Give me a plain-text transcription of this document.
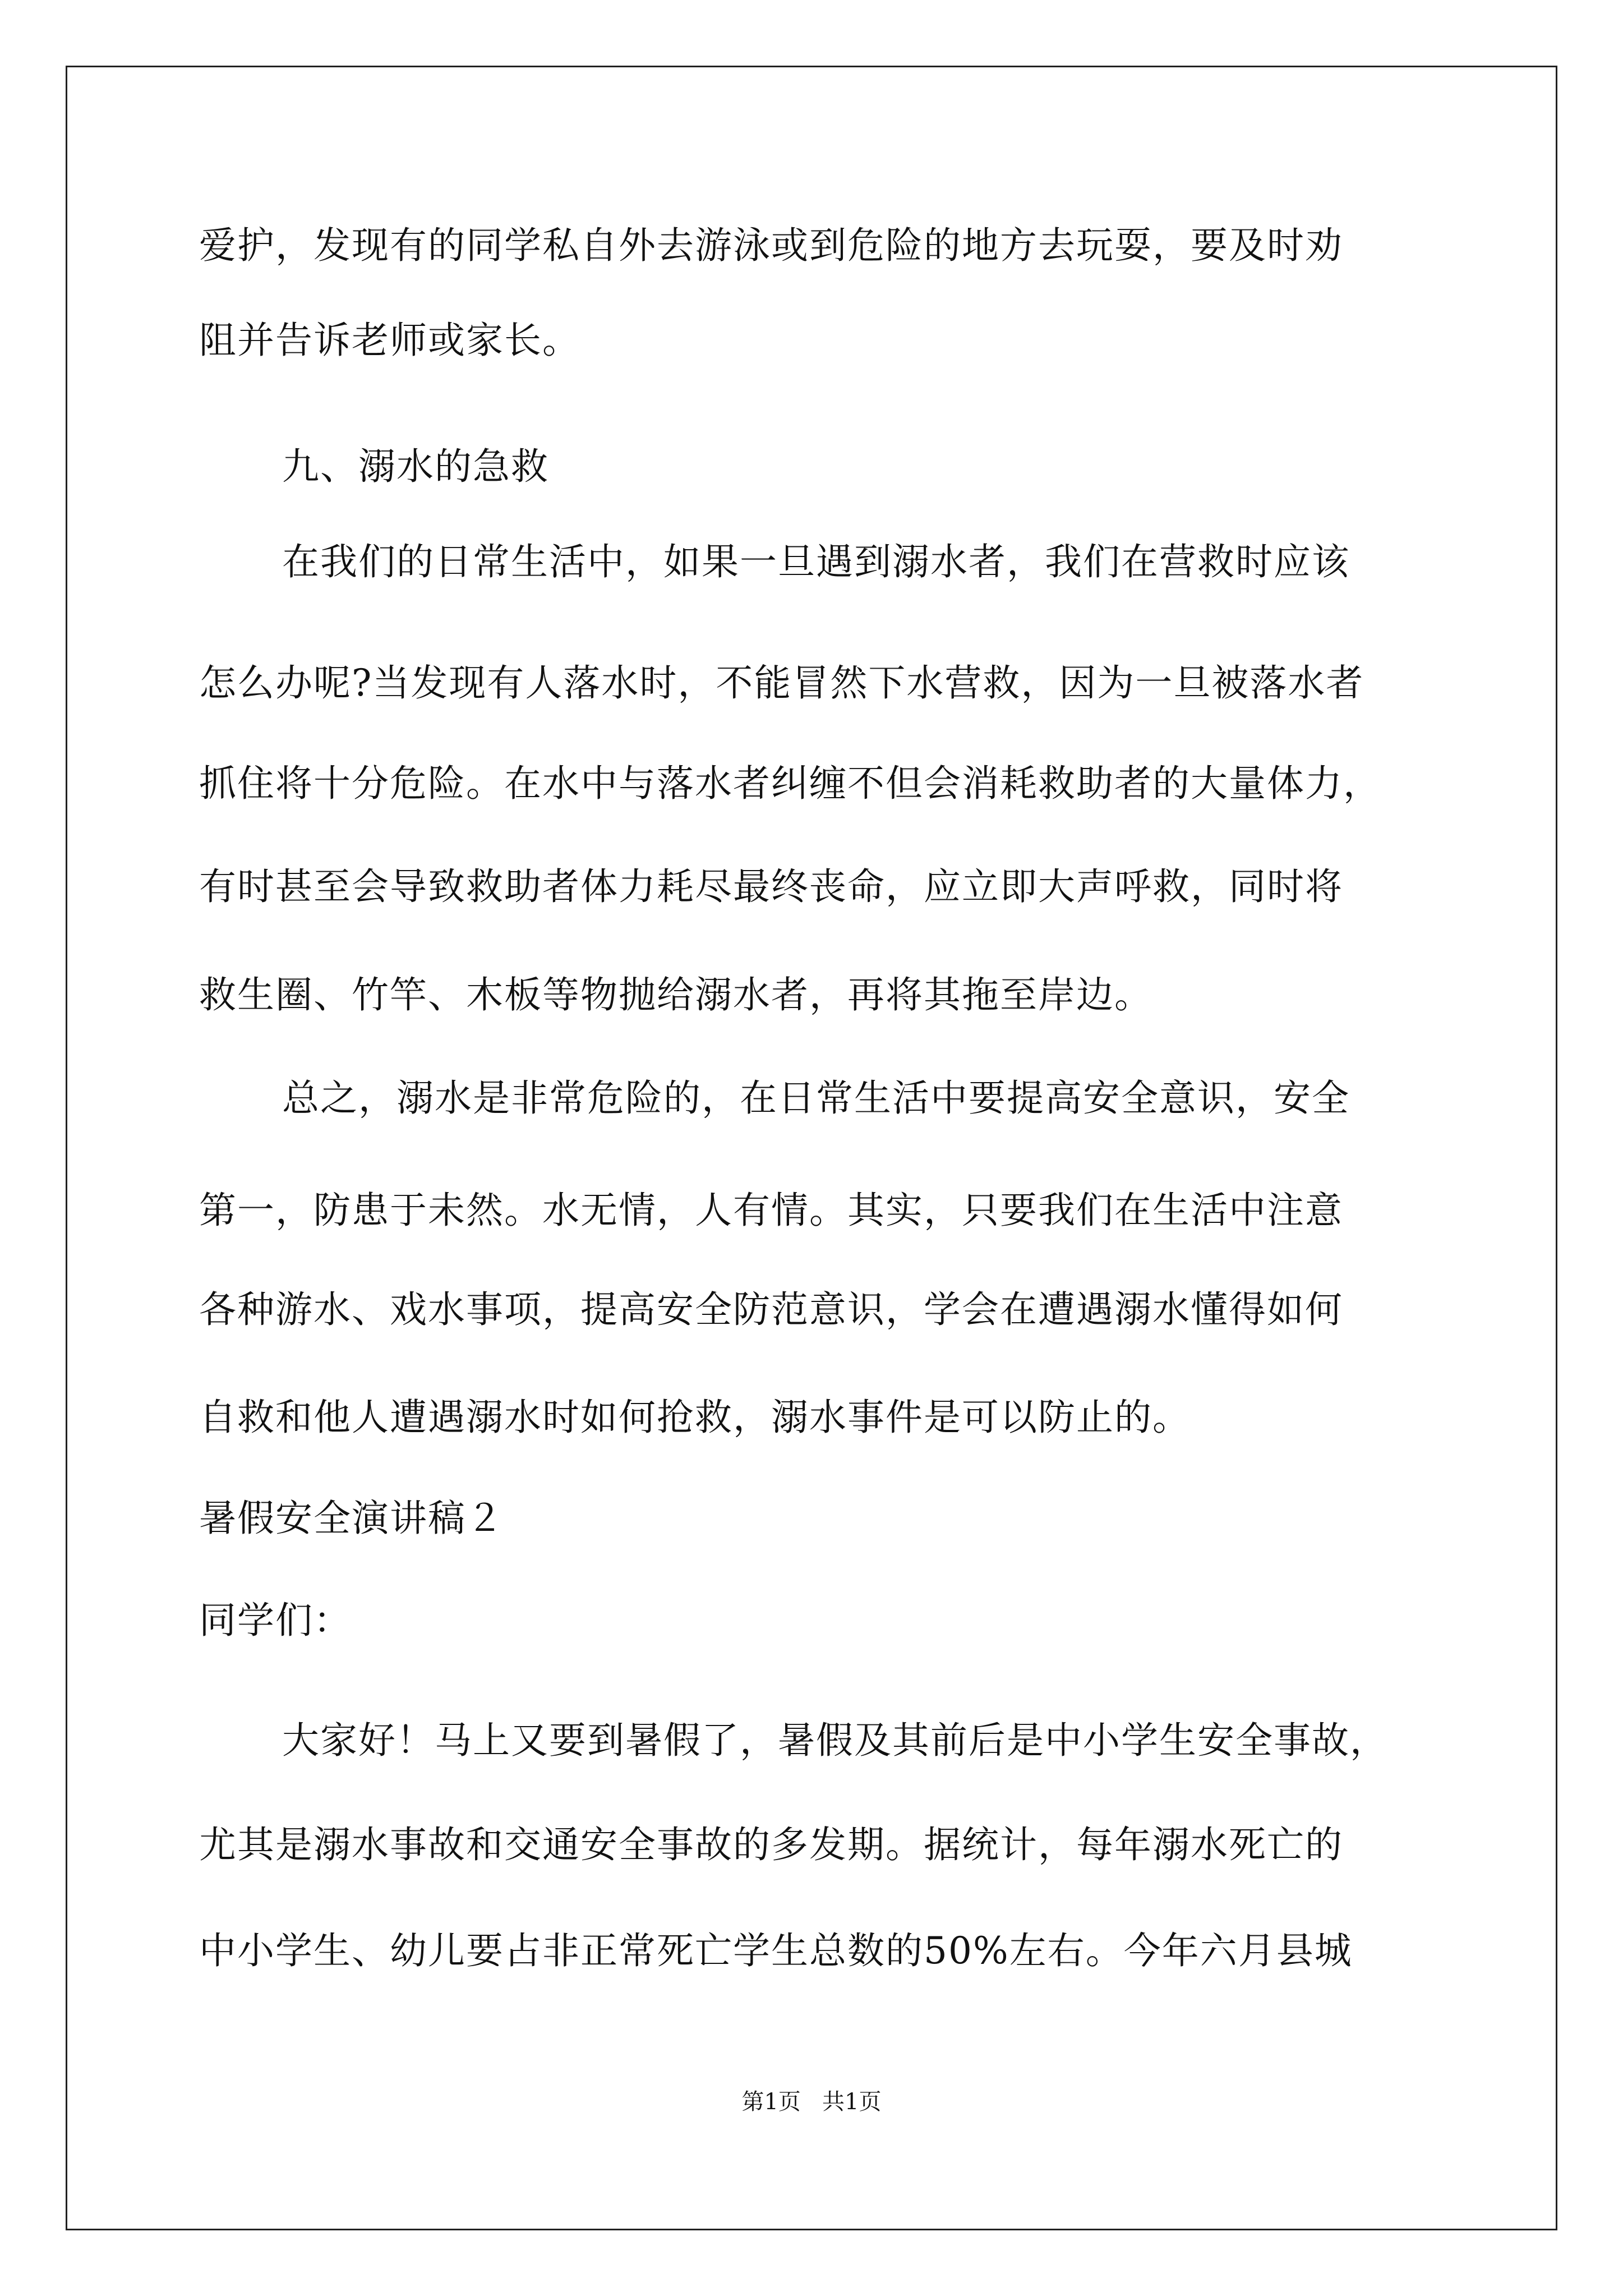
爱护，发现有的同学私自外去游泳或到危险的地方去玩耍，要及时劝
阻并告诉老师或家长。
九、溺水的急救
在我们的日常生活中，如果一旦遇到溺水者，我们在营救时应该
怎么办呢?当发现有人落水时，不能冒然下水营救，因为一旦被落水者
抓住将十分危险。在水中与落水者纠缠不但会消耗救助者的大量体力，
有时甚至会导致救助者体力耗尽最终丧命，应立即大声呼救，同时将
救生圈、竹竿、木板等物抛给溺水者，再将其拖至岸边。
总之，溺水是非常危险的，在日常生活中要提高安全意识，安全
第一，防患于未然。水无情，人有情。其实，只要我们在生活中注意
各种游水、戏水事项，提高安全防范意识，学会在遭遇溺水懂得如何
自救和他人遭遇溺水时如何抢救，溺水事件是可以防止的。
暑假安全演讲稿２
同学们：
大家好！马上又要到暑假了，暑假及其前后是中小学生安全事故，
尤其是溺水事故和交通安全事故的多发期。据统计，每年溺水死亡的
中小学生、幼儿要占非正常死亡学生总数的50%左右。今年六月县城
第1页   共1页
